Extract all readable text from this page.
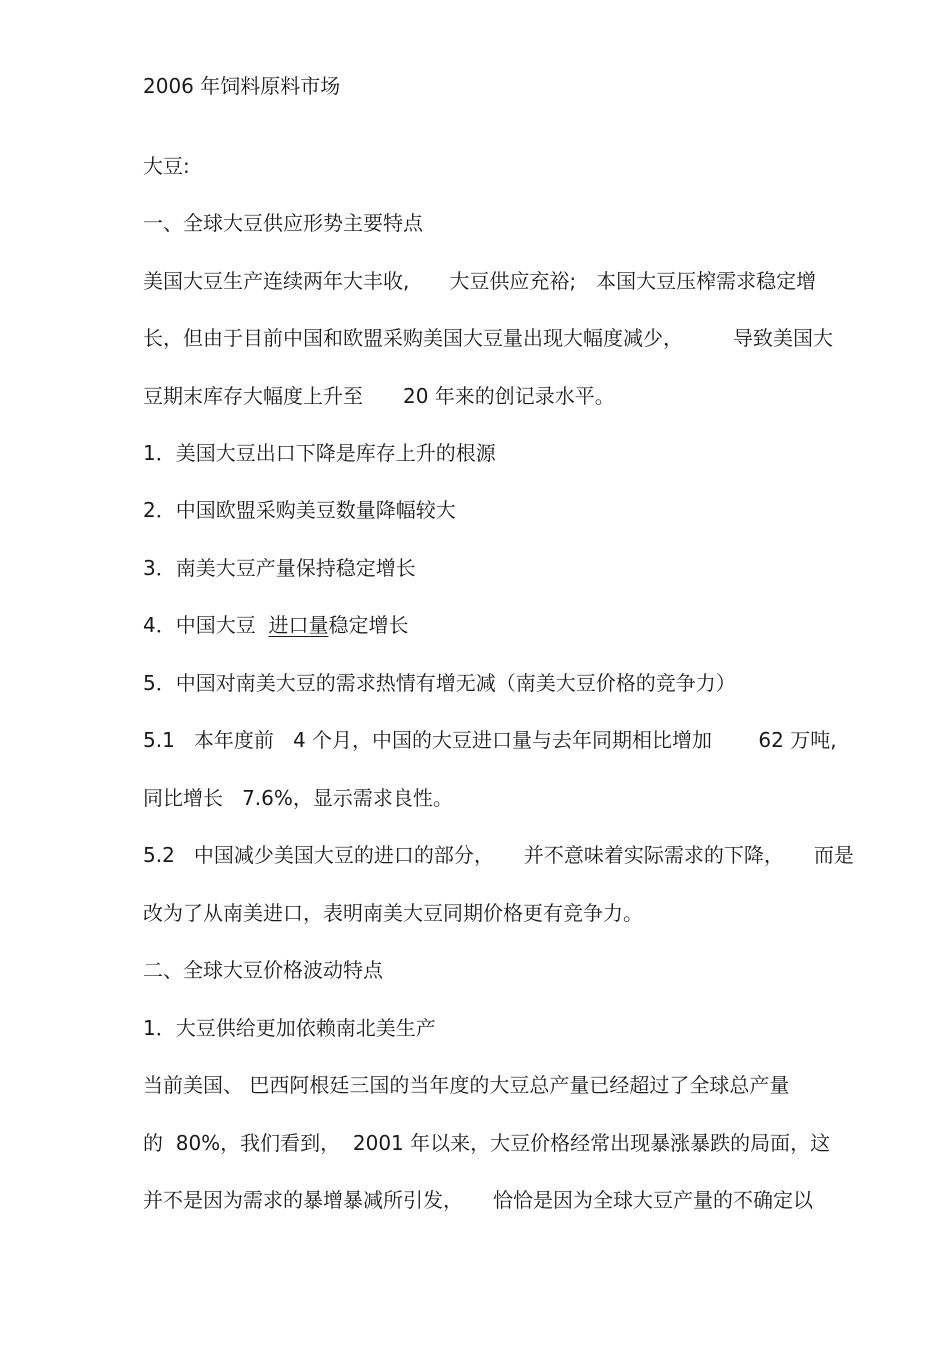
2006 年饲料原料市场
大豆:
一、全球大豆供应形势主要特点
美国大豆生产连续两年大丰收,　　大豆供应充裕;　本国大豆压榨需求稳定增
长，但由于目前中国和欧盟采购美国大豆量出现大幅度减少，　　　导致美国大
豆期末库存大幅度上升至　　20 年来的创记录水平。
1．美国大豆出口下降是库存上升的根源
2．中国欧盟采购美豆数量降幅较大
3．南美大豆产量保持稳定增长
4．中国大豆  进口量稳定增长
5．中国对南美大豆的需求热情有增无减（南美大豆价格的竞争力）
5.1   本年度前   4 个月，中国的大豆进口量与去年同期相比增加　　 62 万吨,
同比增长   7.6%，显示需求良性。
5.2   中国减少美国大豆的进口的部分，　　并不意味着实际需求的下降，　　而是
改为了从南美进口，表明南美大豆同期价格更有竞争力。
二、全球大豆价格波动特点
1．大豆供给更加依赖南北美生产
当前美国、 巴西阿根廷三国的当年度的大豆总产量已经超过了全球总产量
的  80%，我们看到，  2001 年以来，大豆价格经常出现暴涨暴跌的局面，这
并不是因为需求的暴增暴减所引发，　　恰恰是因为全球大豆产量的不确定以
